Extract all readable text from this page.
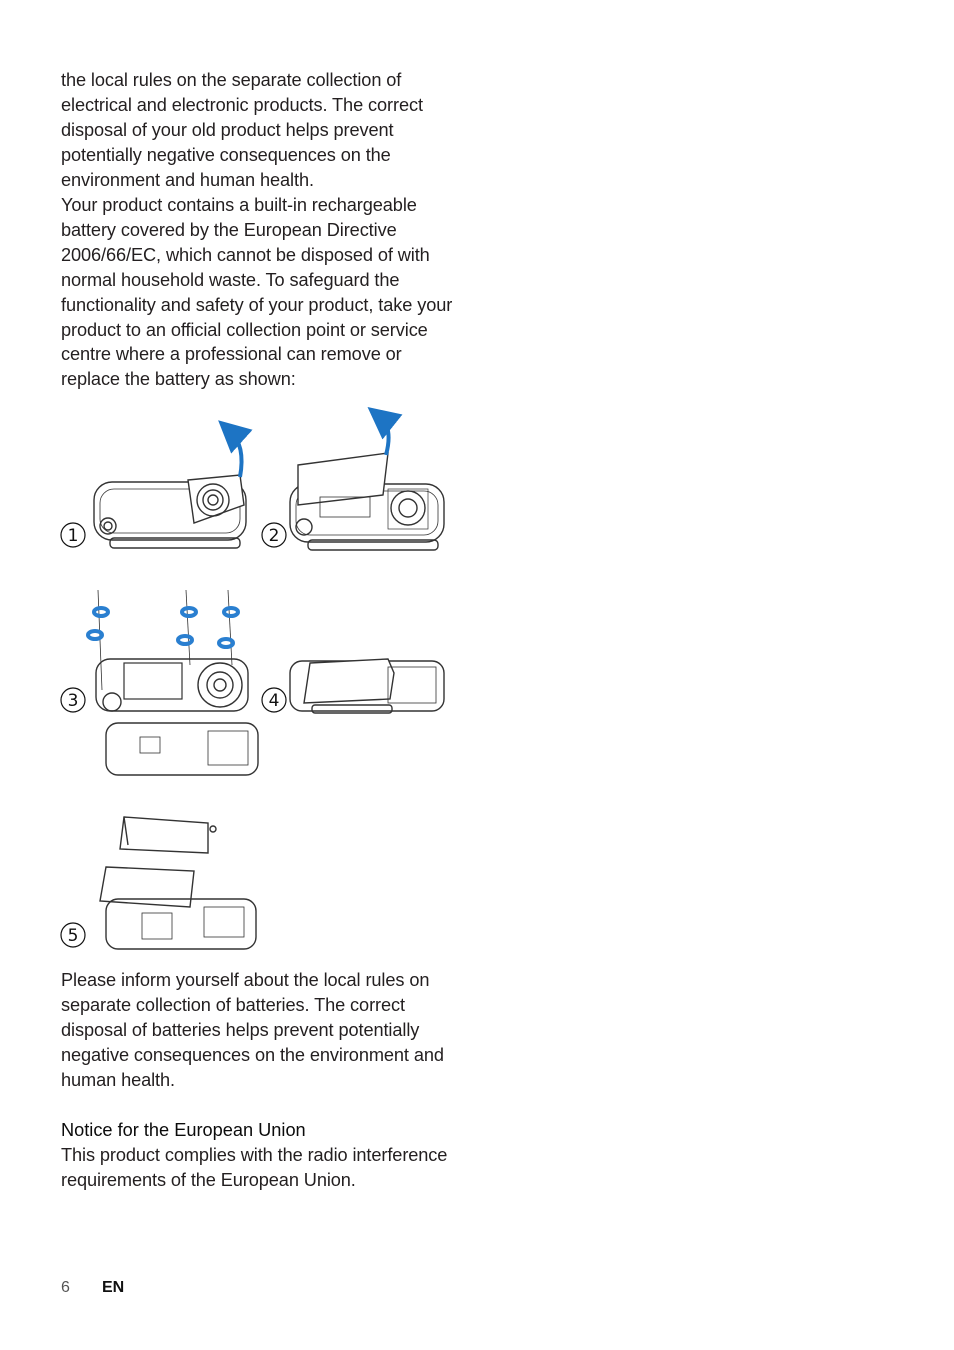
the local rules on the separate collection of electrical and electronic products. The correct disposal of your old product helps prevent potentially negative consequences on the environment and human health.

Your product contains a built-in rechargeable battery covered by the European Directive 2006/66/EC, which cannot be disposed of with normal household waste. To safeguard the functionality and safety of your product, take your product to an official collection point or service centre where a professional can remove or replace the battery as shown:

1	2
3	4
5

Please inform yourself about the local rules on separate collection of batteries. The correct disposal of batteries helps prevent potentially negative consequences on the environment and human health.

Notice for the European Union

This product complies with the radio interference requirements of the European Union.

6 EN
